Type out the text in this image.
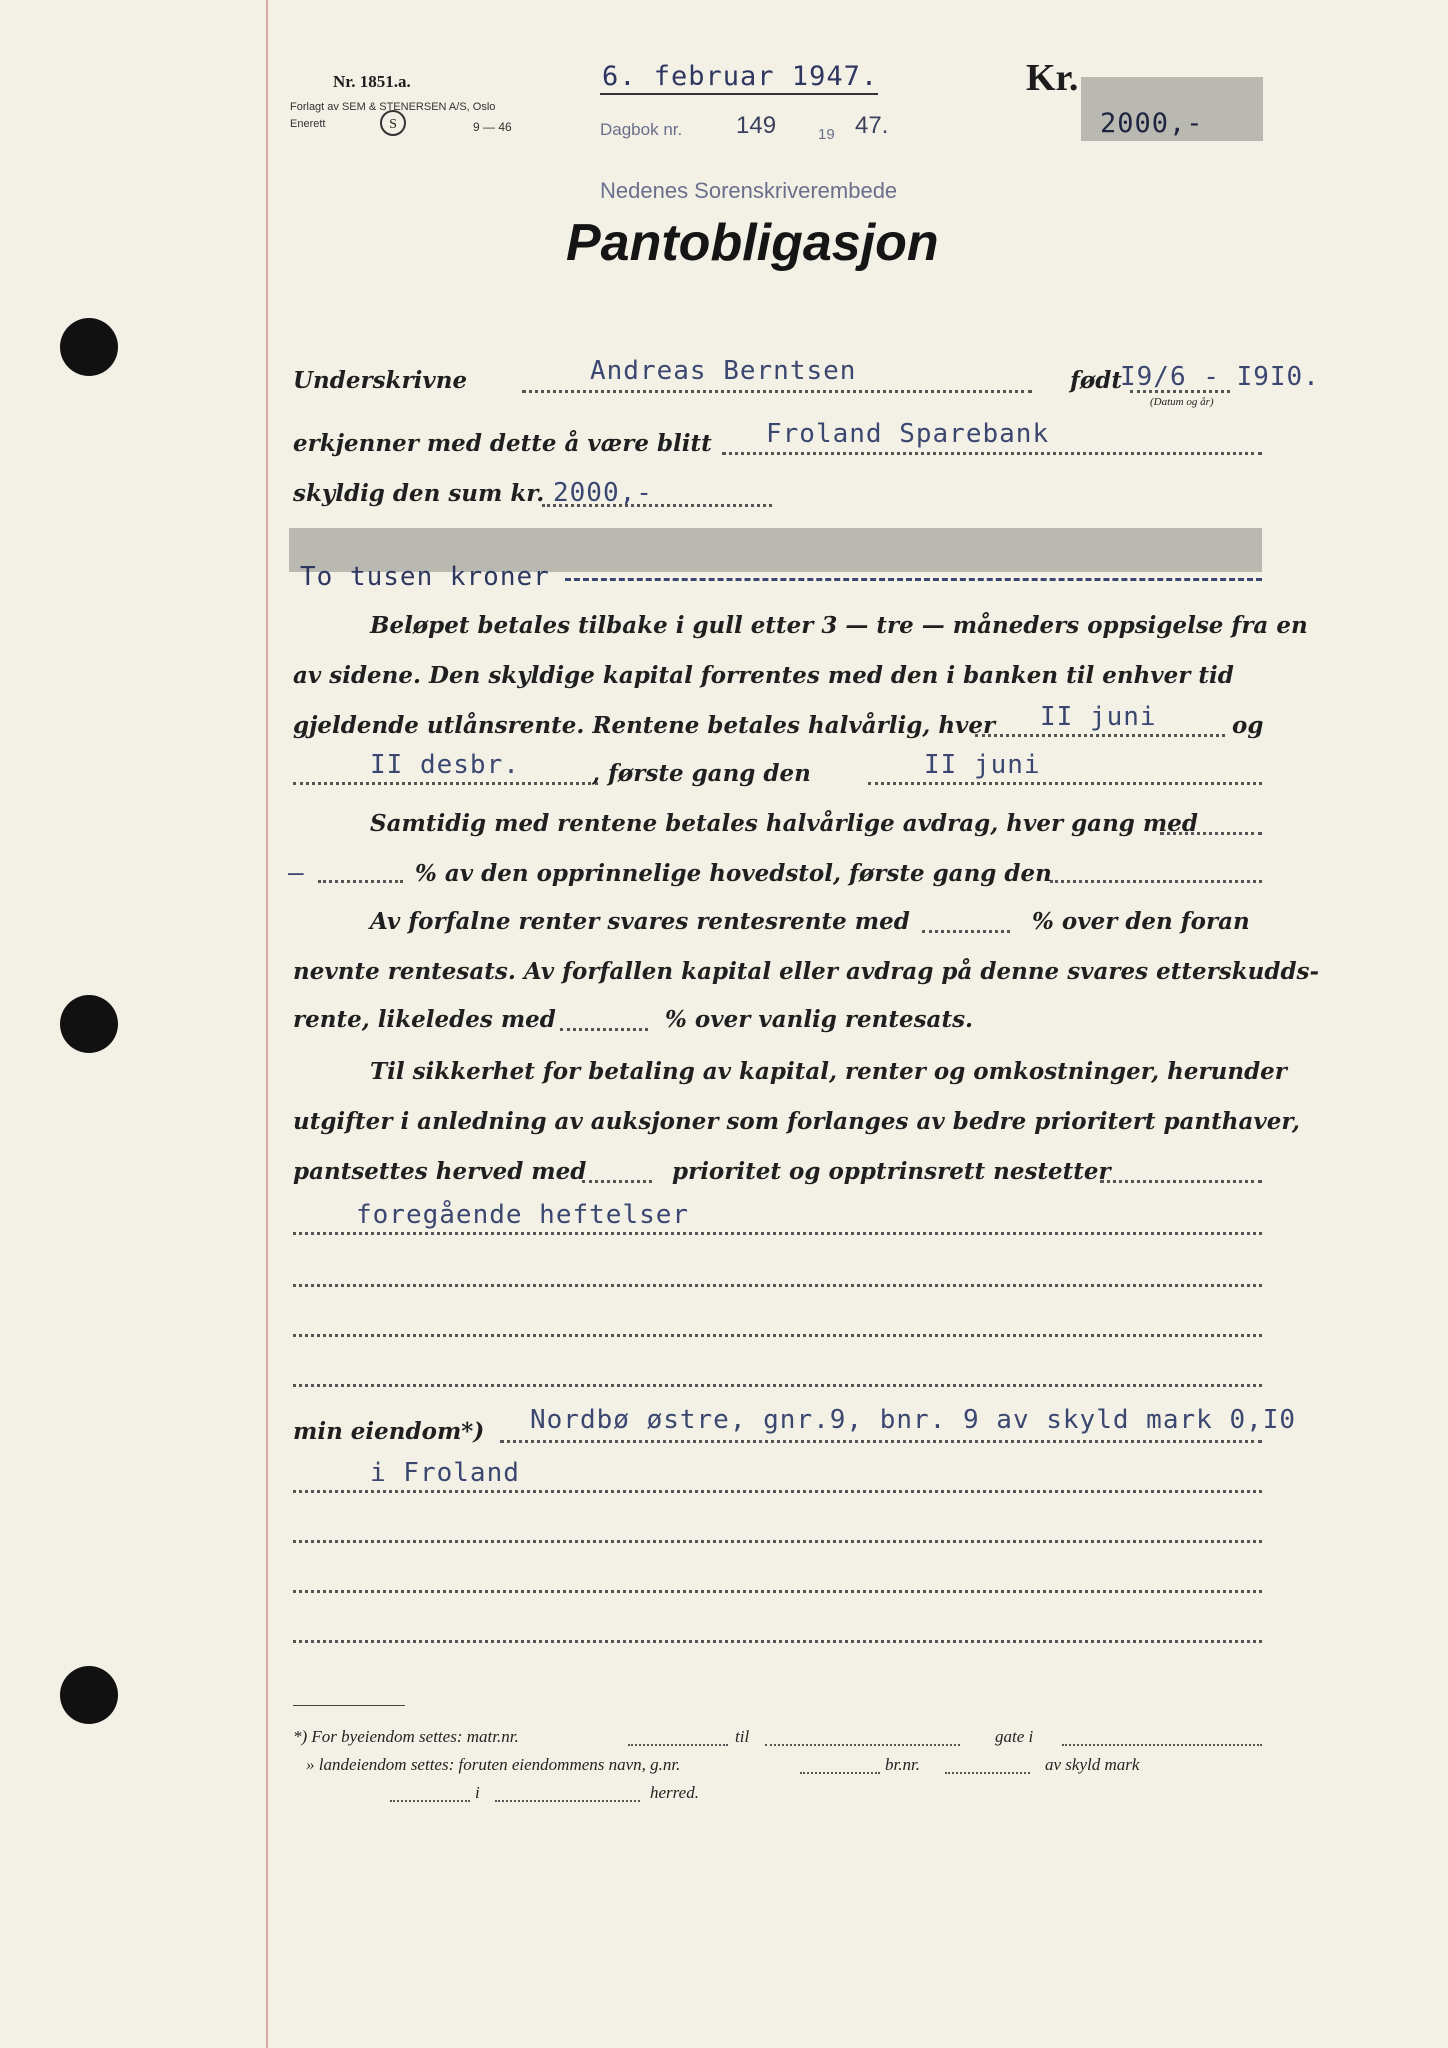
Nr. 1851.a.
Forlagt av SEM & STENERSEN A/S, Oslo
Enerett	S	9 — 46
6. februar 1947.	Kr.
2000,-
Dagbok nr. 149	19 47.
Nedenes Sorenskriverembede
Pantobligasjon
Underskrivne	Andreas Berntsen	født
I9/6 - I9I0.
(Datum og år)
erkjenner med dette å være blitt Froland Sparebank
skyldig den sum kr. 2000,-
To tusen kroner
Beløpet betales tilbake i gull etter 3 — tre — måneders oppsigelse fra en
av sidene. Den skyldige kapital forrentes med den i banken til enhver tid
gjeldende utlånsrente. Rentene betales halvårlig, hver II juni	og
II desbr.	, første gang den	II juni
Samtidig med rentene betales halvårlige avdrag, hver gang med
—	% av den opprinnelige hovedstol, første gang den
Av forfalne renter svares rentesrente med	% over den foran
nevnte rentesats. Av forfallen kapital eller avdrag på denne svares etterskudds-
rente, likeledes med	% over vanlig rentesats.
Til sikkerhet for betaling av kapital, renter og omkostninger, herunder
utgifter i anledning av auksjoner som forlanges av bedre prioritert panthaver,
pantsettes herved med	prioritet og opptrinsrett nestetter
foregående heftelser
min eiendom*) Nordbø østre, gnr.9, bnr. 9 av skyld mark 0,I0
i Froland
*) For byeiendom settes: matr.nr.	til	gate i
» landeiendom settes: foruten eiendommens navn, g.nr.	br.nr.	av skyld mark
i	herred.
